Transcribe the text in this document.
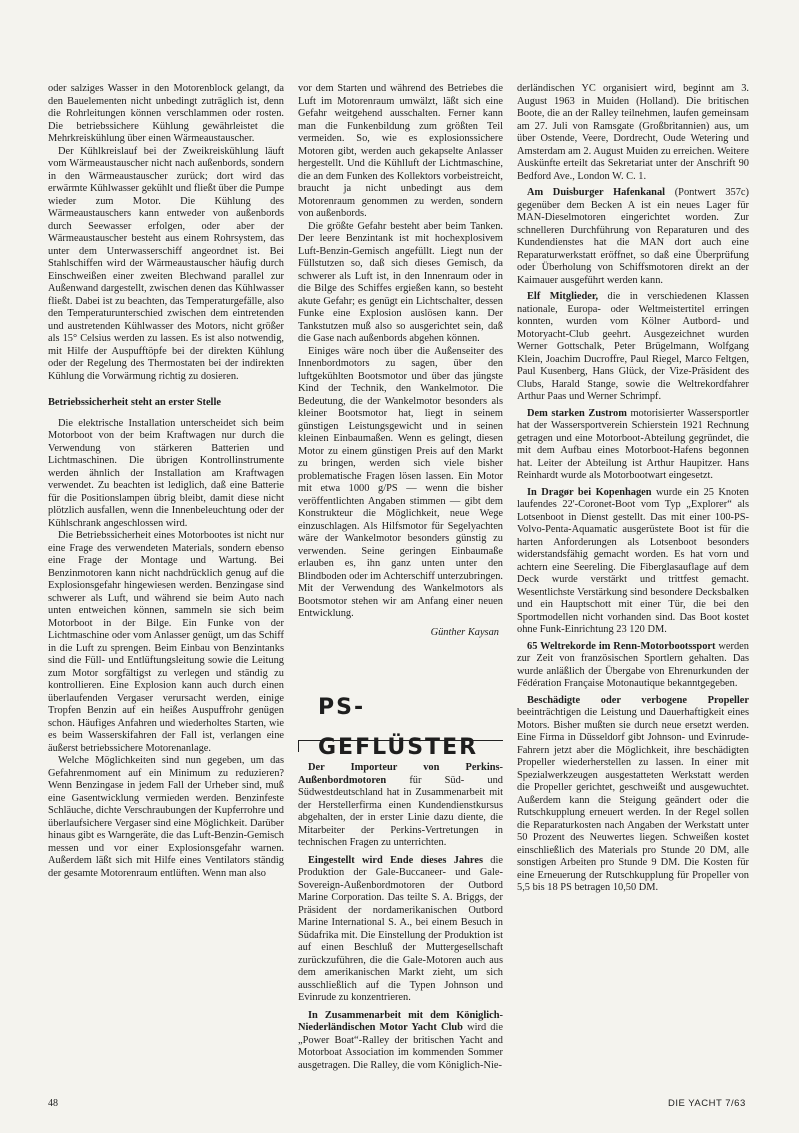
oder salziges Wasser in den Motorenblock gelangt, da den Bauelementen nicht unbedingt zuträglich ist, denn die Rohrleitungen können verschlammen oder rosten. Die betriebssichere Kühlung gewährleistet die Mehrkreiskühlung über einen Wärmeaustauscher.

Der Kühlkreislauf bei der Zweikreiskühlung läuft vom Wärmeaustauscher nicht nach außenbords, sondern in den Wärmeaustauscher zurück; dort wird das erwärmte Kühlwasser gekühlt und fließt über die Pumpe wieder zum Motor. Die Kühlung des Wärmeaustauschers kann entweder von außenbords durch Seewasser erfolgen, oder aber der Wärmeaustauscher besteht aus einem Rohrsystem, das unter dem Unterwasserschiff angeordnet ist. Bei Stahlschiffen wird der Wärmeaustauscher häufig durch Einschweißen einer zweiten Blechwand parallel zur Außenwand dargestellt, zwischen denen das Kühlwasser fließt. Dabei ist zu beachten, das Temperaturgefälle, also den Temperaturunterschied zwischen dem eintretenden und austretenden Kühlwasser des Motors, nicht größer als 15° Celsius werden zu lassen. Es ist also notwendig, mit Hilfe der Auspufftöpfe bei der direkten Kühlung oder der Regelung des Thermostaten bei der indirekten Kühlung die Vorwärmung richtig zu dosieren.

Betriebssicherheit steht an erster Stelle

Die elektrische Installation unterscheidet sich beim Motorboot von der beim Kraftwagen nur durch die Verwendung von stärkeren Batterien und Lichtmaschinen. Die übrigen Kontrollinstrumente werden ähnlich der Installation am Kraftwagen verwendet. Zu beachten ist lediglich, daß eine Batterie für die Positionslampen übrig bleibt, damit diese nicht plötzlich ausfallen, wenn die Innenbeleuchtung oder der Kühlschrank angeschlossen wird.

Die Betriebssicherheit eines Motorbootes ist nicht nur eine Frage des verwendeten Materials, sondern ebenso eine Frage der Montage und Wartung. Bei Benzinmotoren kann nicht nachdrücklich genug auf die Explosionsgefahr hingewiesen werden. Benzingase sind schwerer als Luft, und während sie beim Auto nach unten entweichen können, sammeln sie sich beim Motorboot in der Bilge. Ein Funke von der Lichtmaschine oder vom Anlasser genügt, um das Schiff in die Luft zu sprengen. Beim Einbau von Benzintanks sind die Füll- und Entlüftungsleitung sowie die Leitung zum Motor sorgfältigst zu verlegen und ständig zu kontrollieren. Eine Explosion kann auch durch einen überlaufenden Vergaser verursacht werden, einige Tropfen Benzin auf ein heißes Auspuffrohr genügen schon. Häufiges Anfahren und wiederholtes Starten, wie es beim Wasserskifahren der Fall ist, verlangen eine äußerst betriebssichere Motorenanlage.

Welche Möglichkeiten sind nun gegeben, um das Gefahrenmoment auf ein Minimum zu reduzieren? Wenn Benzingase in jedem Fall der Urheber sind, muß eine Gasentwicklung vermieden werden. Benzinfeste Schläuche, dichte Verschraubungen der Kupferrohre und überlaufsichere Vergaser sind eine Möglichkeit. Darüber hinaus gibt es Warngeräte, die das Luft-Benzin-Gemisch messen und vor einer Explosionsgefahr warnen. Außerdem läßt sich mit Hilfe eines Ventilators ständig der gesamte Motorenraum entlüften. Wenn man also

vor dem Starten und während des Betriebes die Luft im Motorenraum umwälzt, läßt sich eine Gefahr weitgehend ausschalten. Ferner kann man die Funkenbildung zum größten Teil vermeiden. So, wie es explosionssichere Motoren gibt, werden auch gekapselte Anlasser hergestellt. Und die Kühlluft der Lichtmaschine, die an dem Funken des Kollektors vorbeistreicht, braucht ja nicht unbedingt aus dem Motorenraum genommen zu werden, sondern von außenbords.

Die größte Gefahr besteht aber beim Tanken. Der leere Benzintank ist mit hochexplosivem Luft-Benzin-Gemisch angefüllt. Liegt nun der Füllstutzen so, daß sich dieses Gemisch, da schwerer als Luft ist, in den Innenraum oder in die Bilge des Schiffes ergießen kann, so besteht akute Gefahr; es genügt ein Lichtschalter, dessen Funke eine Explosion auslösen kann. Der Tankstutzen muß also so ausgerichtet sein, daß die Gase nach außenbords abgehen können.

Einiges wäre noch über die Außenseiter des Innenbordmotors zu sagen, über den luftgekühlten Bootsmotor und über das jüngste Kind der Technik, den Wankelmotor. Die Bedeutung, die der Wankelmotor besonders als kleiner Bootsmotor hat, liegt in seinem günstigen Leistungsgewicht und in seinen kleinen Einbaumaßen. Wenn es gelingt, diesen Motor zu einem günstigen Preis auf den Markt zu bringen, werden sich viele bisher problematische Fragen lösen lassen. Ein Motor mit etwa 1000 g/PS — wenn die bisher veröffentlichten Angaben stimmen — gibt dem Konstrukteur die Möglichkeit, neue Wege einzuschlagen. Als Hilfsmotor für Segelyachten wäre der Wankelmotor besonders günstig zu verwenden. Seine geringen Einbaumaße erlauben es, ihn ganz unten unter den Blindboden oder im Achterschiff unterzubringen. Mit der Verwendung des Wankelmotors als Bootsmotor stehen wir am Anfang einer neuen Entwicklung.

Günther Kaysan
PS-GEFLÜSTER

Der Importeur von Perkins-Außenbordmotoren für Süd- und Südwestdeutschland hat in Zusammenarbeit mit der Herstellerfirma einen Kundendienstkursus abgehalten, der in erster Linie dazu diente, die Mitarbeiter der Perkins-Vertretungen in technischen Fragen zu unterrichten.

Eingestellt wird Ende dieses Jahres die Produktion der Gale-Buccaneer- und Gale-Sovereign-Außenbordmotoren der Outbord Marine Corporation. Das teilte S. A. Briggs, der Präsident der nordamerikanischen Outbord Marine International S. A., bei einem Besuch in Südafrika mit. Die Einstellung der Produktion ist auf einen Beschluß der Muttergesellschaft zurückzuführen, die die Gale-Motoren auch aus dem amerikanischen Markt zieht, um sich ausschließlich auf die Typen Johnson und Evinrude zu konzentrieren.

In Zusammenarbeit mit dem Königlich-Niederländischen Motor Yacht Club wird die „Power Boat“-Ralley der britischen Yacht and Motorboat Association im kommenden Sommer ausgetragen. Die Ralley, die vom Königlich-Nie-

derländischen YC organisiert wird, beginnt am 3. August 1963 in Muiden (Holland). Die britischen Boote, die an der Ralley teilnehmen, laufen gemeinsam am 27. Juli von Ramsgate (Großbritannien) aus, um über Ostende, Veere, Dordrecht, Oude Wetering und Amsterdam am 2. August Muiden zu erreichen. Weitere Auskünfte erteilt das Sekretariat unter der Anschrift 90 Bedford Ave., London W. C. 1.

Am Duisburger Hafenkanal (Pontwert 357c) gegenüber dem Becken A ist ein neues Lager für MAN-Dieselmotoren eingerichtet worden. Zur schnelleren Durchführung von Reparaturen und des Kundendienstes hat die MAN dort auch eine Reparaturwerkstatt eröffnet, so daß eine Überprüfung oder Überholung von Schiffsmotoren direkt an der Kaimauer ausgeführt werden kann.

Elf Mitglieder, die in verschiedenen Klassen nationale, Europa- oder Weltmeistertitel erringen konnten, wurden vom Kölner Autbord- und Motoryacht-Club geehrt. Ausgezeichnet wurden Werner Gottschalk, Peter Brügelmann, Wolfgang Klein, Joachim Ducroffre, Paul Riegel, Marco Feltgen, Paul Kusenberg, Hans Glück, der Vize-Präsident des Clubs, Harald Stange, sowie die Weltrekordfahrer Arthur Paas und Werner Schrimpf.

Dem starken Zustrom motorisierter Wassersportler hat der Wassersportverein Schierstein 1921 Rechnung getragen und eine Motorboot-Abteilung gegründet, die mit dem Aufbau eines Motorboot-Hafens begonnen hat. Leiter der Abteilung ist Arthur Haupitzer. Hans Reinhardt wurde als Motorbootwart eingesetzt.

In Dragør bei Kopenhagen wurde ein 25 Knoten laufendes 22'-Coronet-Boot vom Typ „Explorer“ als Lotsenboot in Dienst gestellt. Das mit einer 100-PS-Volvo-Penta-Aquamatic ausgerüstete Boot ist für die harten Anforderungen als Lotsenboot besonders widerstandsfähig gemacht worden. Es hat vorn und achtern eine Seereling. Die Fiberglasauflage auf dem Deck wurde verstärkt und trittfest gemacht. Wesentlichste Verstärkung sind besondere Decksbalken und ein Hauptschott mit einer Tür, die bei den Sportmodellen nicht vorhanden sind. Das Boot kostet ohne Funk-Einrichtung 23 120 DM.

65 Weltrekorde im Renn-Motorbootssport werden zur Zeit von französischen Sportlern gehalten. Das wurde anläßlich der Übergabe von Ehrenurkunden der Fédération Française Motonautique bekanntgegeben.

Beschädigte oder verbogene Propeller beeinträchtigen die Leistung und Dauerhaftigkeit eines Motors. Bisher mußten sie durch neue ersetzt werden. Eine Firma in Düsseldorf gibt Johnson- und Evinrude-Fahrern jetzt aber die Möglichkeit, ihre beschädigten Propeller wiederherstellen zu lassen. In einer mit Spezialwerkzeugen ausgestatteten Werkstatt werden die Propeller gerichtet, geschweißt und ausgewuchtet. Außerdem kann die Steigung geändert oder die Rutschkupplung erneuert werden. In der Regel sollen die Reparaturkosten nach Angaben der Werkstatt unter 50 Prozent des Neuwertes liegen. Schweißen kostet einschließlich des Materials pro Stunde 20 DM, alle sonstigen Arbeiten pro Stunde 9 DM. Die Kosten für eine Erneuerung der Rutschkupplung für Propeller von 5,5 bis 18 PS betragen 10,50 DM.

48	DIE YACHT 7/63
